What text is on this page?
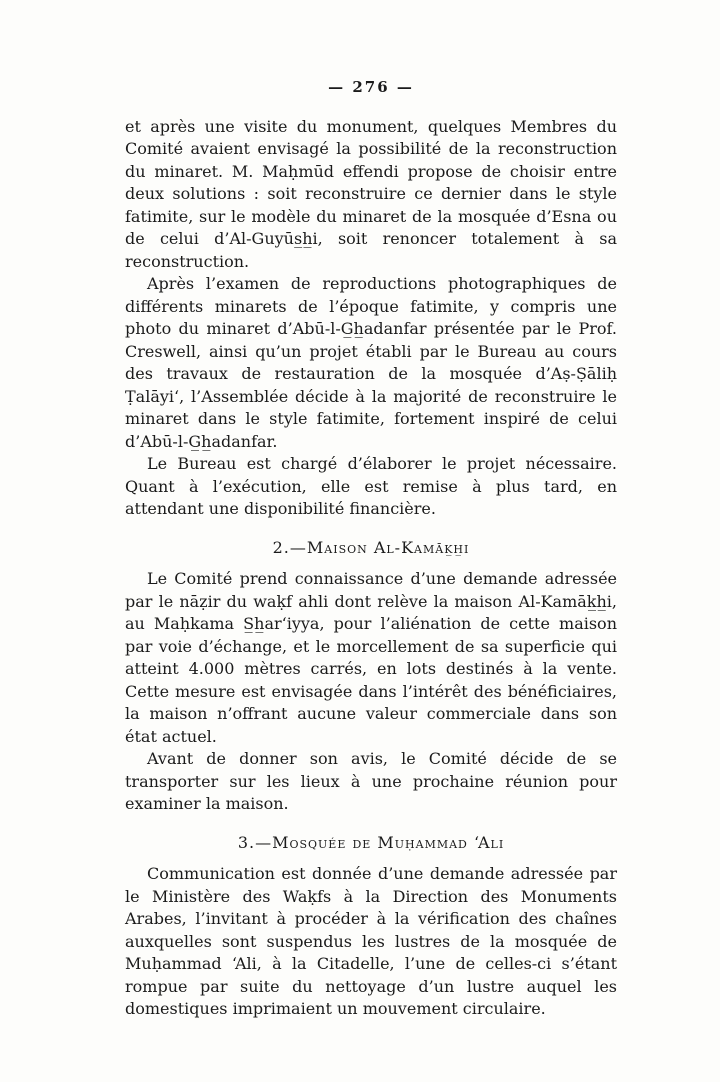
— 276 —

et après une visite du monument, quelques Membres du Comité avaient envisagé la possibilité de la reconstruction du minaret. M. Maḥmūd effendi propose de choisir entre deux solutions : soit reconstruire ce dernier dans le style fatimite, sur le modèle du minaret de la mosquée d’Esna ou de celui d’Al-Guyūs̲h̲i, soit renoncer totalement à sa reconstruction.

Après l’examen de reproductions photographiques de différents minarets de l’époque fatimite, y compris une photo du minaret d’Abū-l-G̲h̲adanfar présentée par le Prof. Creswell, ainsi qu’un projet établi par le Bureau au cours des travaux de restauration de la mosquée d’Aṣ-Ṣāliḥ Ṭalāyi‘, l’Assemblée décide à la majorité de reconstruire le minaret dans le style fatimite, fortement inspiré de celui d’Abū-l-G̲h̲adanfar.

Le Bureau est chargé d’élaborer le projet nécessaire. Quant à l’exécution, elle est remise à plus tard, en attendant une disponibilité financière.

2.—Maison Al-Kamāk̲h̲i

Le Comité prend connaissance d’une demande adressée par le nāẓir du waḳf ahli dont relève la maison Al-Kamāk̲h̲i, au Maḥkama S̲h̲ar‘iyya, pour l’aliénation de cette maison par voie d’échange, et le morcellement de sa superficie qui atteint 4.000 mètres carrés, en lots destinés à la vente. Cette mesure est envisagée dans l’intérêt des bénéficiaires, la maison n’offrant aucune valeur commerciale dans son état actuel.

Avant de donner son avis, le Comité décide de se transporter sur les lieux à une prochaine réunion pour examiner la maison.

3.—Mosquée de Muḥammad ‘Ali

Communication est donnée d’une demande adressée par le Ministère des Waḳfs à la Direction des Monuments Arabes, l’invitant à procéder à la vérification des chaînes auxquelles sont suspendus les lustres de la mosquée de Muḥammad ‘Ali, à la Citadelle, l’une de celles-ci s’étant rompue par suite du nettoyage d’un lustre auquel les domestiques imprimaient un mouvement circulaire.
